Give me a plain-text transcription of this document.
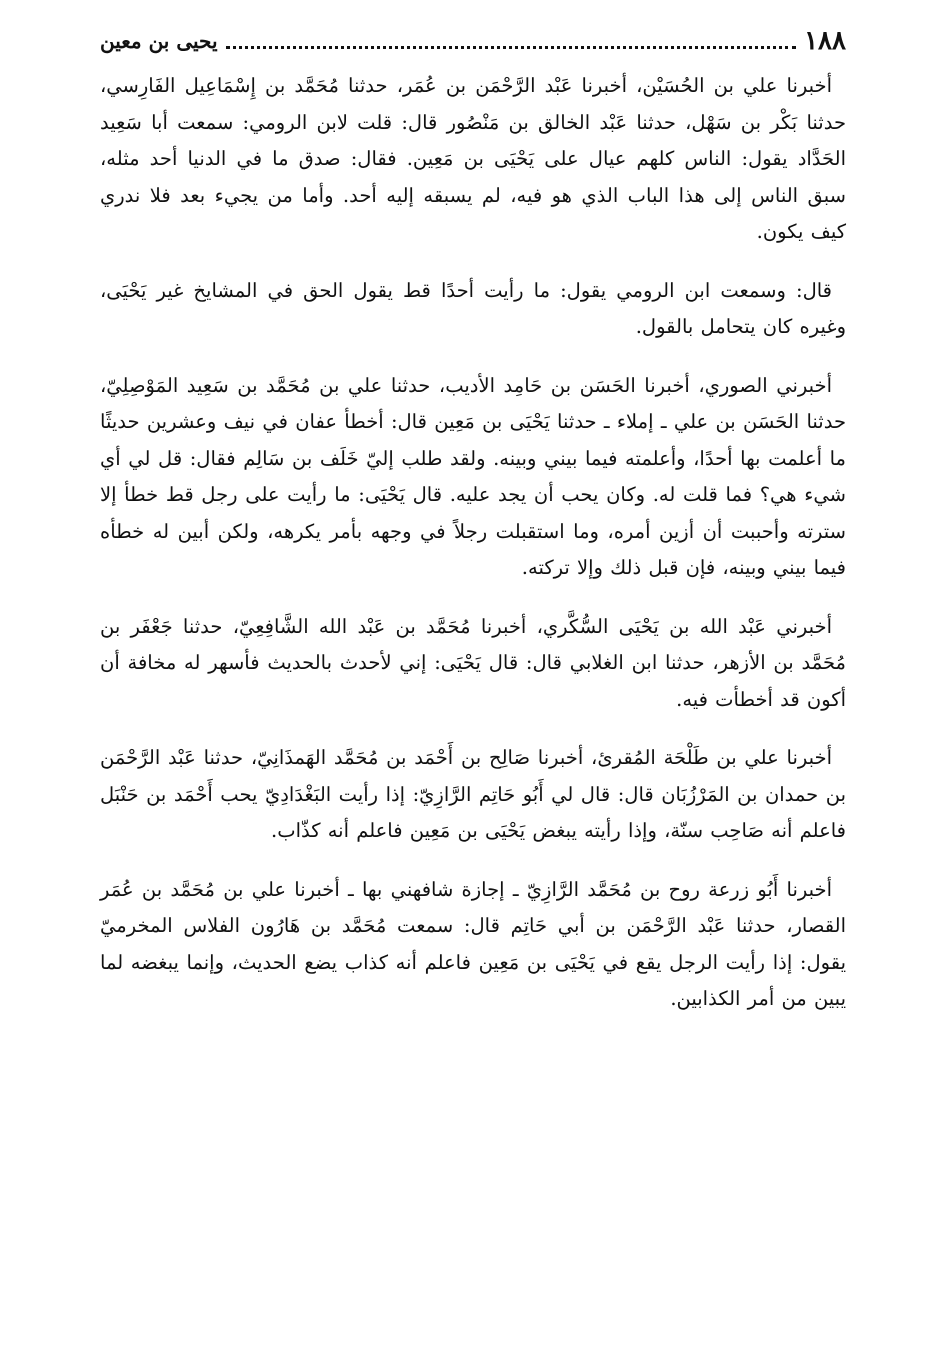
١٨٨
يحيى بن معين

أخبرنا علي بن الحُسَيْن، أخبرنا عَبْد الرَّحْمَن بن عُمَر، حدثنا مُحَمَّد بن إِسْمَاعِيل الفَارِسي، حدثنا بَكْر بن سَهْل، حدثنا عَبْد الخالق بن مَنْصُور قال: قلت لابن الرومي: سمعت أبا سَعِيد الحَدَّاد يقول: الناس كلهم عيال على يَحْيَى بن مَعِين. فقال: صدق ما في الدنيا أحد مثله، سبق الناس إلى هذا الباب الذي هو فيه، لم يسبقه إليه أحد. وأما من يجيء بعد فلا ندري كيف يكون.

قال: وسمعت ابن الرومي يقول: ما رأيت أحدًا قط يقول الحق في المشايخ غير يَحْيَى، وغيره كان يتحامل بالقول.

أخبرني الصوري، أخبرنا الحَسَن بن حَامِد الأديب، حدثنا علي بن مُحَمَّد بن سَعِيد المَوْصِلِيّ، حدثنا الحَسَن بن علي ـ إملاء ـ حدثنا يَحْيَى بن مَعِين قال: أخطأ عفان في نيف وعشرين حديثًا ما أعلمت بها أحدًا، وأعلمته فيما بيني وبينه. ولقد طلب إليّ خَلَف بن سَالِم فقال: قل لي أي شيء هي؟ فما قلت له. وكان يحب أن يجد عليه. قال يَحْيَى: ما رأيت على رجل قط خطأ إلا سترته وأحببت أن أزين أمره، وما استقبلت رجلاً في وجهه بأمر يكرهه، ولكن أبين له خطأه فيما بيني وبينه، فإن قبل ذلك وإلا تركته.

أخبرني عَبْد الله بن يَحْيَى السُّكَّري، أخبرنا مُحَمَّد بن عَبْد الله الشَّافِعِيّ، حدثنا جَعْفَر بن مُحَمَّد بن الأزهر، حدثنا ابن الغلابي قال: قال يَحْيَى: إني لأحدث بالحديث فأسهر له مخافة أن أكون قد أخطأت فيه.

أخبرنا علي بن طَلْحَة المُقرئ، أخبرنا صَالِح بن أَحْمَد بن مُحَمَّد الهَمذَانِيّ، حدثنا عَبْد الرَّحْمَن بن حمدان بن المَرْزُبَان قال: قال لي أَبُو حَاتِم الرَّازِيّ: إذا رأيت البَغْدَادِيّ يحب أَحْمَد بن حَنْبَل فاعلم أنه صَاحِب سنّة، وإذا رأيته يبغض يَحْيَى بن مَعِين فاعلم أنه كذّاب.

أخبرنا أَبُو زرعة روح بن مُحَمَّد الرَّازِيّ ـ إجازة شافهني بها ـ أخبرنا علي بن مُحَمَّد بن عُمَر القصار، حدثنا عَبْد الرَّحْمَن بن أبي حَاتِم قال: سمعت مُحَمَّد بن هَارُون الفلاس المخرميّ يقول: إذا رأيت الرجل يقع في يَحْيَى بن مَعِين فاعلم أنه كذاب يضع الحديث، وإنما يبغضه لما يبين من أمر الكذابين.
